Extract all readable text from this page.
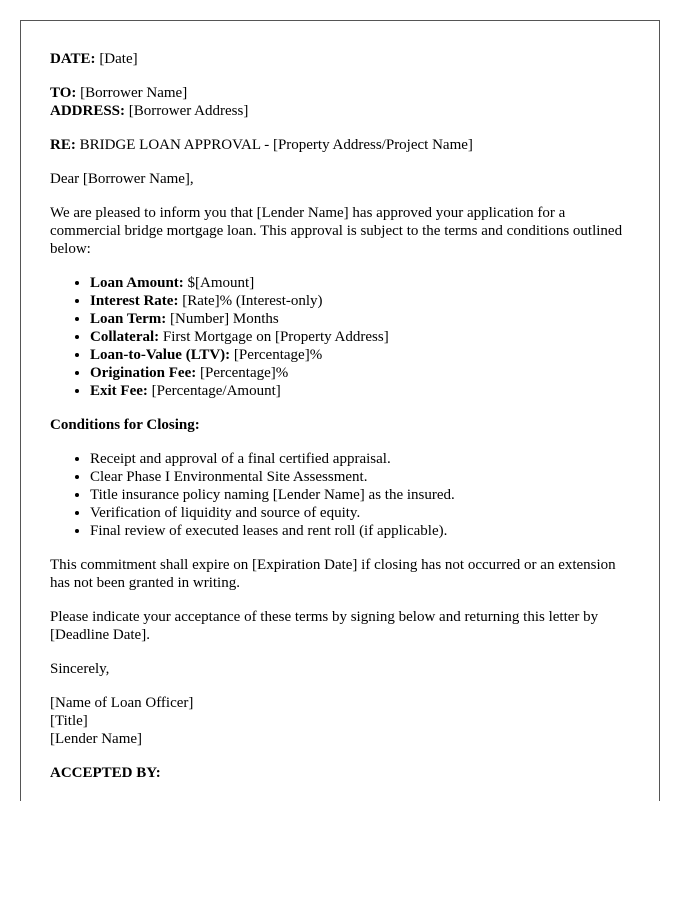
DATE: [Date]

TO: [Borrower Name]

ADDRESS: [Borrower Address]

RE: BRIDGE LOAN APPROVAL - [Property Address/Project Name]

Dear [Borrower Name],

We are pleased to inform you that [Lender Name] has approved your application for a commercial bridge mortgage loan. This approval is subject to the terms and conditions outlined below:

• Loan Amount: $[Amount]
• Interest Rate: [Rate]% (Interest-only)
• Loan Term: [Number] Months
• Collateral: First Mortgage on [Property Address]
• Loan-to-Value (LTV): [Percentage]%
• Origination Fee: [Percentage]%
• Exit Fee: [Percentage/Amount]

Conditions for Closing:

• Receipt and approval of a final certified appraisal.
• Clear Phase I Environmental Site Assessment.
• Title insurance policy naming [Lender Name] as the insured.
• Verification of liquidity and source of equity.
• Final review of executed leases and rent roll (if applicable).

This commitment shall expire on [Expiration Date] if closing has not occurred or an extension has not been granted in writing.

Please indicate your acceptance of these terms by signing below and returning this letter by [Deadline Date].

Sincerely,

[Name of Loan Officer]

[Title]

[Lender Name]

ACCEPTED BY:
